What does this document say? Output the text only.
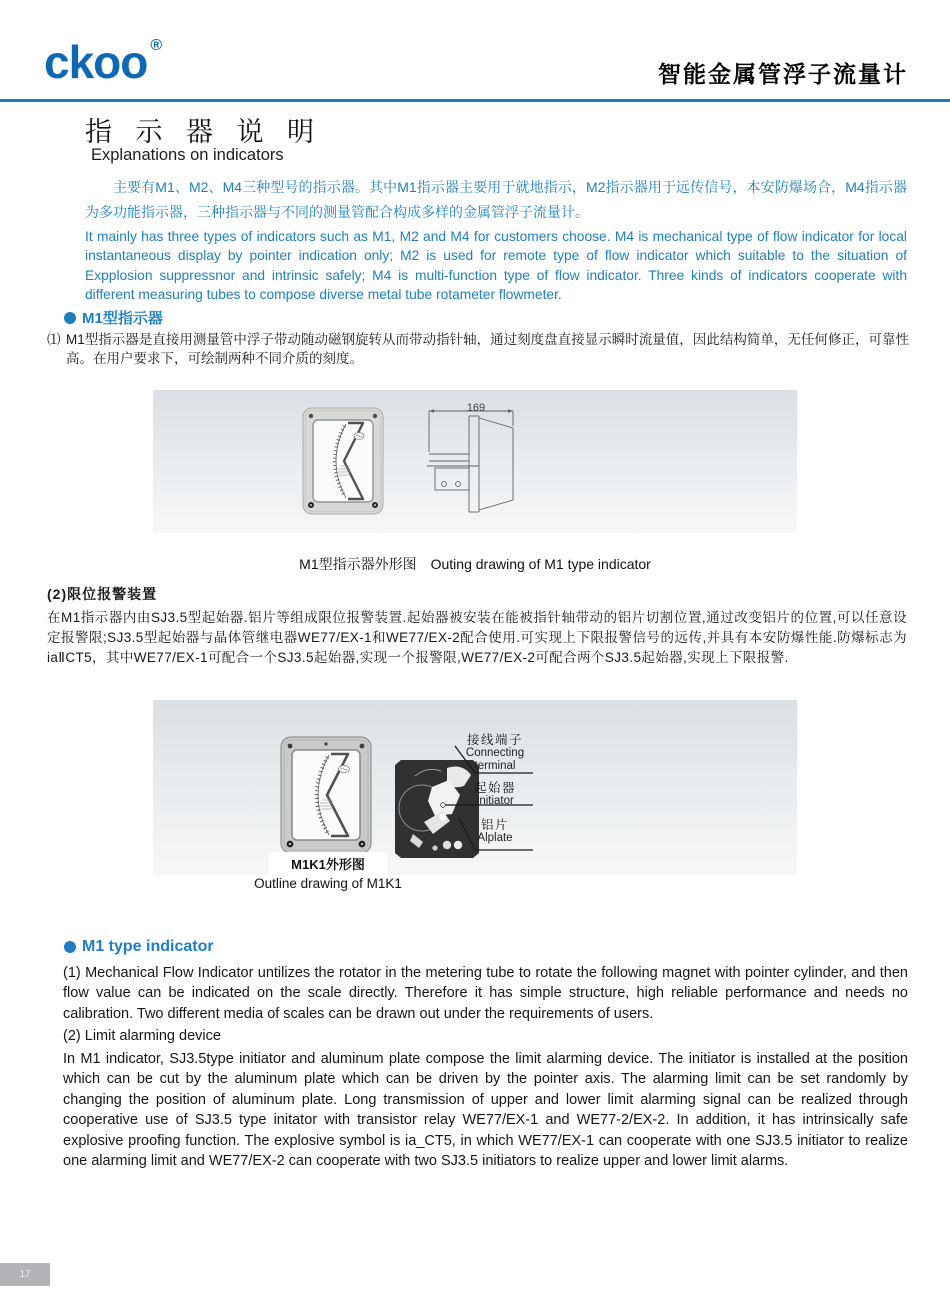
ckoo ®
智能金属管浮子流量计
指 示 器 说 明
Explanations on indicators
主要有M1、M2、M4三种型号的指示器。其中M1指示器主要用于就地指示，M2指示器用于远传信号，本安防爆场合，M4指示器为多功能指示器，三种指示器与不同的测量管配合构成多样的金属管浮子流量计。
It mainly has three types of indicators such as M1, M2 and M4 for customers choose. M4 is mechanical type of flow indicator for local instantaneous display by pointer indication only; M2 is used for remote type of flow indicator which suitable to the situation of Expplosion suppressnor and intrinsic safely; M4 is multi-function type of flow indicator. Three kinds of indicators cooperate with different measuring tubes to compose diverse metal tube rotameter flowmeter.
M1型指示器
⑴ M1型指示器是直接用测量管中浮子带动随动磁钢旋转从而带动指针轴，通过刻度盘直接显示瞬时流量值，因此结构简单，无任何修正，可靠性高。在用户要求下，可绘制两种不同介质的刻度。
169
M1型指示器外形图 Outing drawing of M1 type indicator
(2)限位报警装置
在M1指示器内由SJ3.5型起始器.铝片等组成限位报警装置.起始器被安装在能被指针轴带动的铝片切割位置,通过改变铝片的位置,可以任意设定报警限;SJ3.5型起始器与晶体管继电器WE77/EX-1和WE77/EX-2配合使用.可实现上下限报警信号的远传,并具有本安防爆性能.防爆标志为iaⅡCT5，其中WE77/EX-1可配合一个SJ3.5起始器,实现一个报警限,WE77/EX-2可配合两个SJ3.5起始器,实现上下限报警.
接线端子
Connecting
terminal
起始器
Initiator
铝片
Alplate
M1K1外形图
Outline drawing of M1K1
M1 type indicator
(1) Mechanical Flow Indicator untilizes the rotator in the metering tube to rotate the following magnet with pointer cylinder, and then flow value can be indicated on the scale directly. Therefore it has simple structure, high reliable performance and needs no calibration. Two different media of scales can be drawn out under the requirements of users.
(2) Limit alarming device
In M1 indicator, SJ3.5type initiator and aluminum plate compose the limit alarming device. The initiator is installed at the position which can be cut by the aluminum plate which can be driven by the pointer axis. The alarming limit can be set randomly by changing the position of aluminum plate. Long transmission of upper and lower limit alarming signal can be realized through cooperative use of SJ3.5 type initator with transistor relay WE77/EX-1 and WE77-2/EX-2. In addition, it has intrinsically safe explosive proofing function. The explosive symbol is ia_CT5, in which WE77/EX-1 can cooperate with one SJ3.5 initiator to realize one alarming limit and WE77/EX-2 can cooperate with two SJ3.5 initiators to realize upper and lower limit alarms.
17
